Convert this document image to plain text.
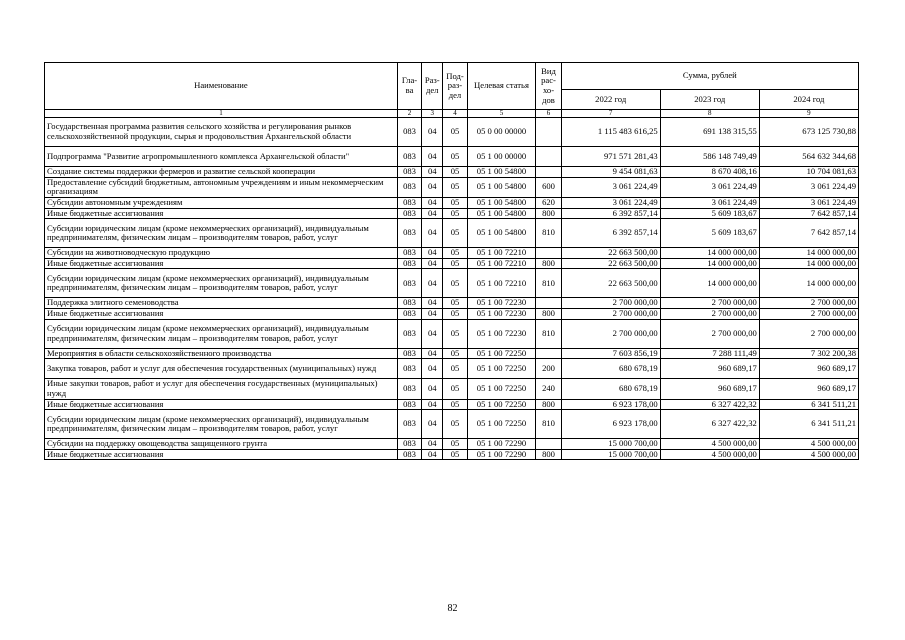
Наименование	Гла-ва	Раз-дел	Под-раз-дел	Целевая статья	Вид рас-хо-дов	Сумма, рублей		
						2022 год	2023 год	2024 год
1	2	3	4	5	6	7	8	9
Государственная программа развития сельского хозяйства и регулирования рынков сельскохозяйственной продукции, сырья и продовольствия Архангельской области	083	04	05	05 0 00 00000		1 115 483 616,25	691 138 315,55	673 125 730,88
Подпрограмма "Развитие агропромышленного комплекса Архангельской области"	083	04	05	05 1 00 00000		971 571 281,43	586 148 749,49	564 632 344,68
Создание системы поддержки фермеров и развитие сельской кооперации	083	04	05	05 1 00 54800		9 454 081,63	8 670 408,16	10 704 081,63
Предоставление субсидий бюджетным, автономным учреждениям и иным некоммерческим организациям	083	04	05	05 1 00 54800	600	3 061 224,49	3 061 224,49	3 061 224,49
Субсидии автономным учреждениям	083	04	05	05 1 00 54800	620	3 061 224,49	3 061 224,49	3 061 224,49
Иные бюджетные ассигнования	083	04	05	05 1 00 54800	800	6 392 857,14	5 609 183,67	7 642 857,14
Субсидии юридическим лицам (кроме некоммерческих организаций), индивидуальным предпринимателям, физическим лицам – производителям товаров, работ, услуг	083	04	05	05 1 00 54800	810	6 392 857,14	5 609 183,67	7 642 857,14
Субсидии на животноводческую продукцию	083	04	05	05 1 00 72210		22 663 500,00	14 000 000,00	14 000 000,00
Иные бюджетные ассигнования	083	04	05	05 1 00 72210	800	22 663 500,00	14 000 000,00	14 000 000,00
Субсидии юридическим лицам (кроме некоммерческих организаций), индивидуальным предпринимателям, физическим лицам – производителям товаров, работ, услуг	083	04	05	05 1 00 72210	810	22 663 500,00	14 000 000,00	14 000 000,00
Поддержка элитного семеноводства	083	04	05	05 1 00 72230		2 700 000,00	2 700 000,00	2 700 000,00
Иные бюджетные ассигнования	083	04	05	05 1 00 72230	800	2 700 000,00	2 700 000,00	2 700 000,00
Субсидии юридическим лицам (кроме некоммерческих организаций), индивидуальным предпринимателям, физическим лицам – производителям товаров, работ, услуг	083	04	05	05 1 00 72230	810	2 700 000,00	2 700 000,00	2 700 000,00
Мероприятия в области сельскохозяйственного производства	083	04	05	05 1 00 72250		7 603 856,19	7 288 111,49	7 302 200,38
Закупка товаров, работ и услуг для обеспечения государственных (муниципальных) нужд	083	04	05	05 1 00 72250	200	680 678,19	960 689,17	960 689,17
Иные закупки товаров, работ и услуг для обеспечения государственных (муниципальных) нужд	083	04	05	05 1 00 72250	240	680 678,19	960 689,17	960 689,17
Иные бюджетные ассигнования	083	04	05	05 1 00 72250	800	6 923 178,00	6 327 422,32	6 341 511,21
Субсидии юридическим лицам (кроме некоммерческих организаций), индивидуальным предпринимателям, физическим лицам – производителям товаров, работ, услуг	083	04	05	05 1 00 72250	810	6 923 178,00	6 327 422,32	6 341 511,21
Субсидии на поддержку овощеводства защищенного грунта	083	04	05	05 1 00 72290		15 000 700,00	4 500 000,00	4 500 000,00
Иные бюджетные ассигнования	083	04	05	05 1 00 72290	800	15 000 700,00	4 500 000,00	4 500 000,00
82
